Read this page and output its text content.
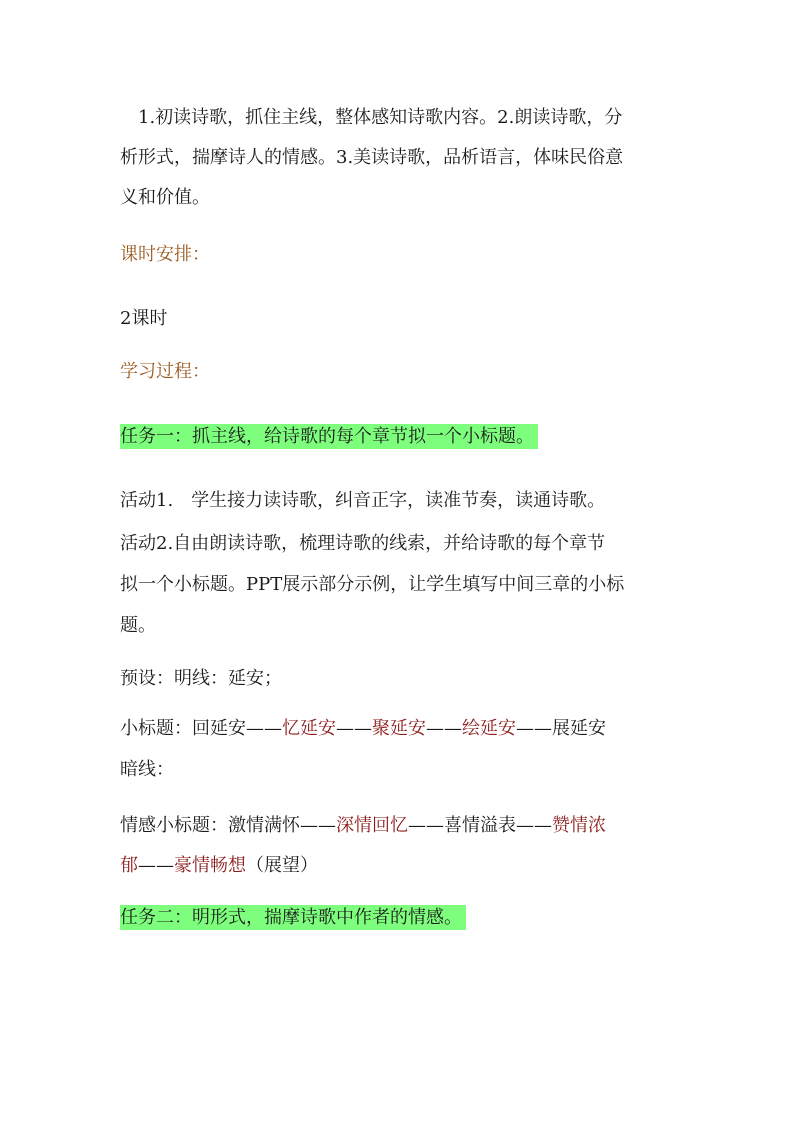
1.初读诗歌，抓住主线，整体感知诗歌内容。2.朗读诗歌，分
析形式，揣摩诗人的情感。3.美读诗歌，品析语言，体味民俗意
义和价值。
课时安排：
2课时
学习过程：
任务一：抓主线，给诗歌的每个章节拟一个小标题。
活动1.　学生接力读诗歌，纠音正字，读准节奏，读通诗歌。
活动2.自由朗读诗歌，梳理诗歌的线索，并给诗歌的每个章节
拟一个小标题。PPT展示部分示例，让学生填写中间三章的小标
题。
预设：明线：延安；
小标题：回延安——忆延安——聚延安——绘延安——展延安
暗线：
情感小标题：激情满怀——深情回忆——喜情溢表——赞情浓
郁——豪情畅想（展望）
任务二：明形式，揣摩诗歌中作者的情感。
